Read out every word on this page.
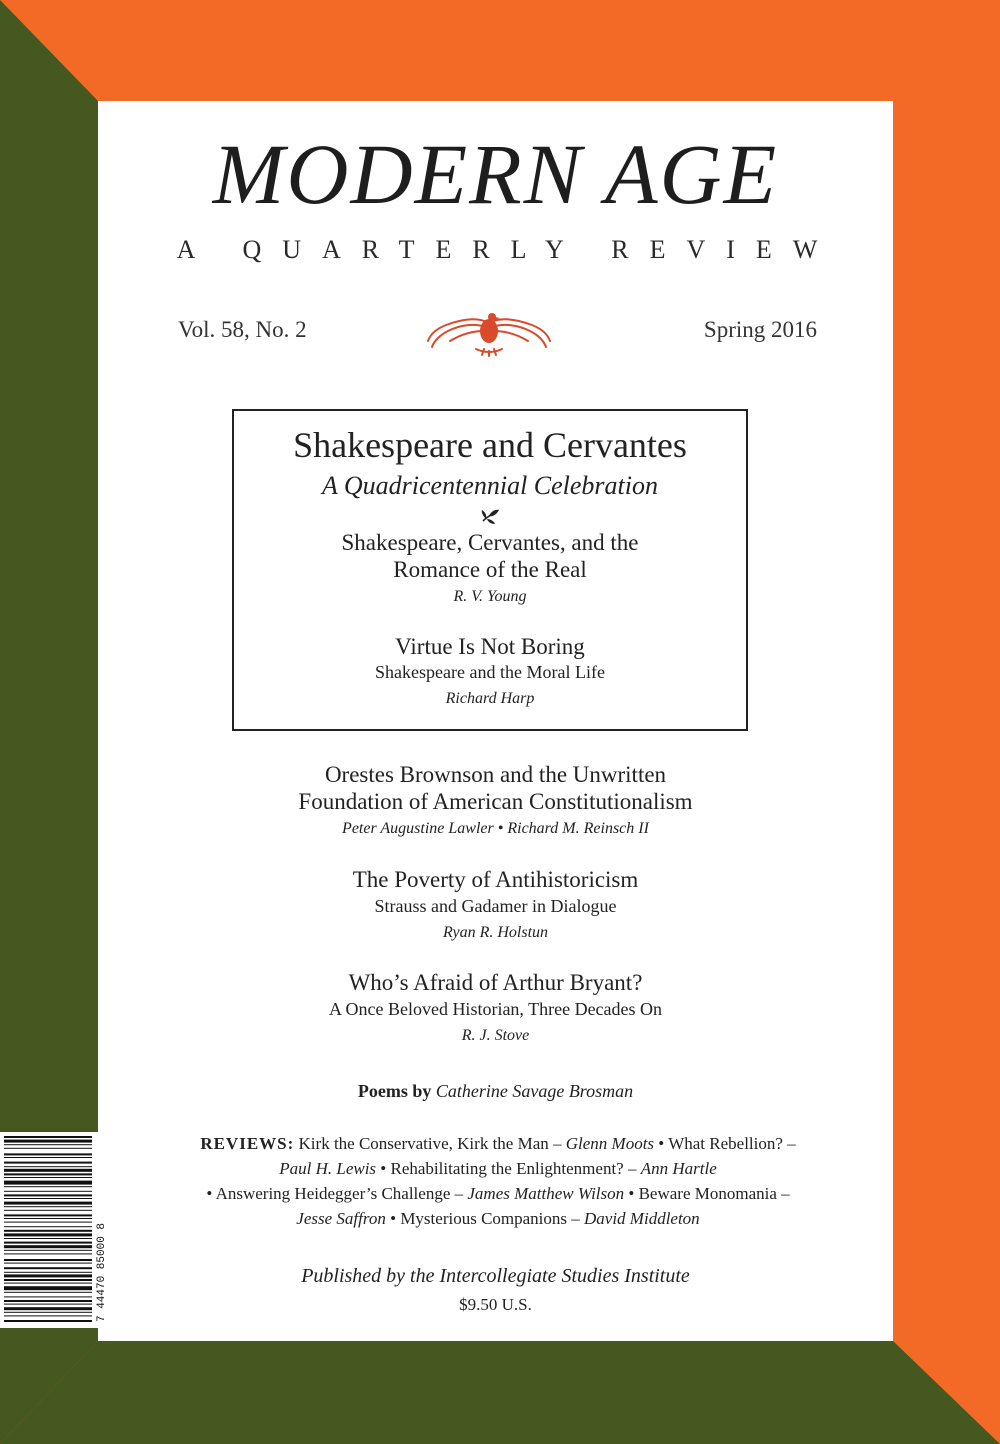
MODERN AGE
A QUARTERLY REVIEW
Vol. 58, No. 2	Spring 2016
Shakespeare and Cervantes
A Quadricentennial Celebration
Shakespeare, Cervantes, and the
Romance of the Real
R. V. Young
Virtue Is Not Boring
Shakespeare and the Moral Life
Richard Harp
Orestes Brownson and the Unwritten
Foundation of American Constitutionalism
Peter Augustine Lawler • Richard M. Reinsch II
The Poverty of Antihistoricism
Strauss and Gadamer in Dialogue
Ryan R. Holstun
Who’s Afraid of Arthur Bryant?
A Once Beloved Historian, Three Decades On
R. J. Stove
Poems by Catherine Savage Brosman
REVIEWS: Kirk the Conservative, Kirk the Man – Glenn Moots • What Rebellion? – Paul H. Lewis • Rehabilitating the Enlightenment? – Ann Hartle
• Answering Heidegger’s Challenge – James Matthew Wilson • Beware Monomania – Jesse Saffron • Mysterious Companions – David Middleton
Published by the Intercollegiate Studies Institute
$9.50 U.S.
7 44470 85000 8
